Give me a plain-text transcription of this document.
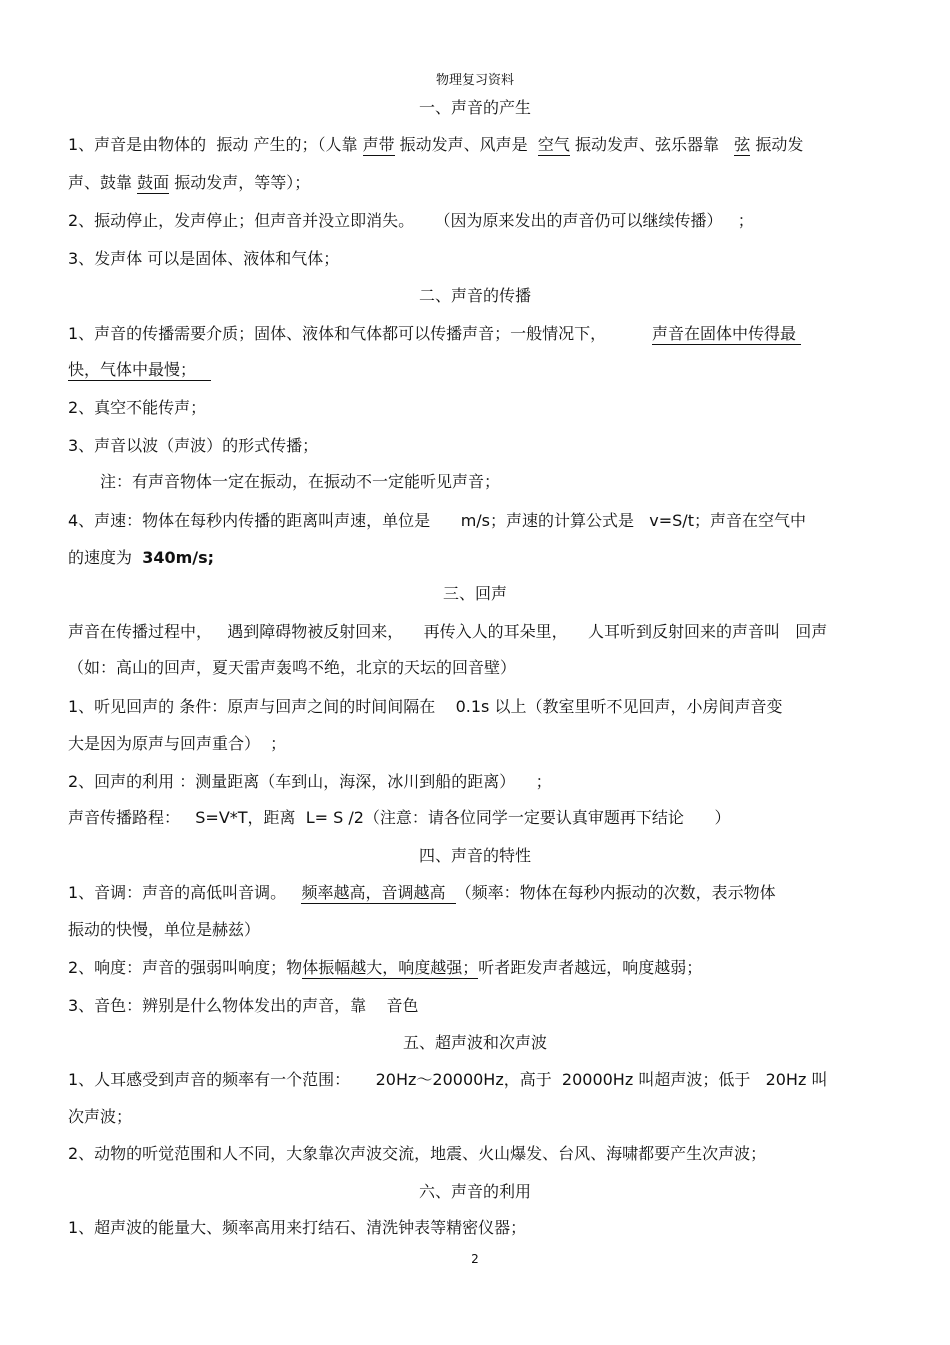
物理复习资料
一、声音的产生
1、声音是由物体的  振动 产生的；（人靠 声带 振动发声、风声是  空气 振动发声、弦乐器靠   弦 振动发
声、鼓靠 鼓面 振动发声，等等）；
2、振动停止，发声停止；但声音并没立即消失。    （因为原来发出的声音仍可以继续传播）   ；
3、发声体 可以是固体、液体和气体；
二、声音的传播
1、声音的传播需要介质；固体、液体和气体都可以传播声音；一般情况下，         声音在固体中传得最
快，气体中最慢；
2、真空不能传声；
3、声音以波（声波）的形式传播；
注：有声音物体一定在振动，在振动不一定能听见声音；
4、声速：物体在每秒内传播的距离叫声速，单位是      m/s；声速的计算公式是   v=S/t；声音在空气中
的速度为  340m/s;
三、回声
声音在传播过程中，   遇到障碍物被反射回来，    再传入人的耳朵里，    人耳听到反射回来的声音叫   回声
（如：高山的回声，夏天雷声轰鸣不绝，北京的天坛的回音壁）
1、听见回声的 条件：原声与回声之间的时间间隔在    0.1s 以上（教室里听不见回声，小房间声音变
大是因为原声与回声重合）  ；
2、回声的利用 ：测量距离（车到山，海深，冰川到船的距离）    ；
声音传播路程：   S=V*T，距离  L= S /2（注意：请各位同学一定要认真审题再下结论      ）
四、声音的特性
1、音调：声音的高低叫音调。   频率越高，音调越高  （频率：物体在每秒内振动的次数，表示物体
振动的快慢，单位是赫兹）
2、响度：声音的强弱叫响度；物体振幅越大，响度越强；听者距发声者越远，响度越弱；
3、音色：辨别是什么物体发出的声音，靠    音色
五、超声波和次声波
1、人耳感受到声音的频率有一个范围：     20Hz～20000Hz，高于  20000Hz 叫超声波；低于   20Hz 叫
次声波；
2、动物的听觉范围和人不同，大象靠次声波交流，地震、火山爆发、台风、海啸都要产生次声波；
六、声音的利用
1、超声波的能量大、频率高用来打结石、清洗钟表等精密仪器；
2
